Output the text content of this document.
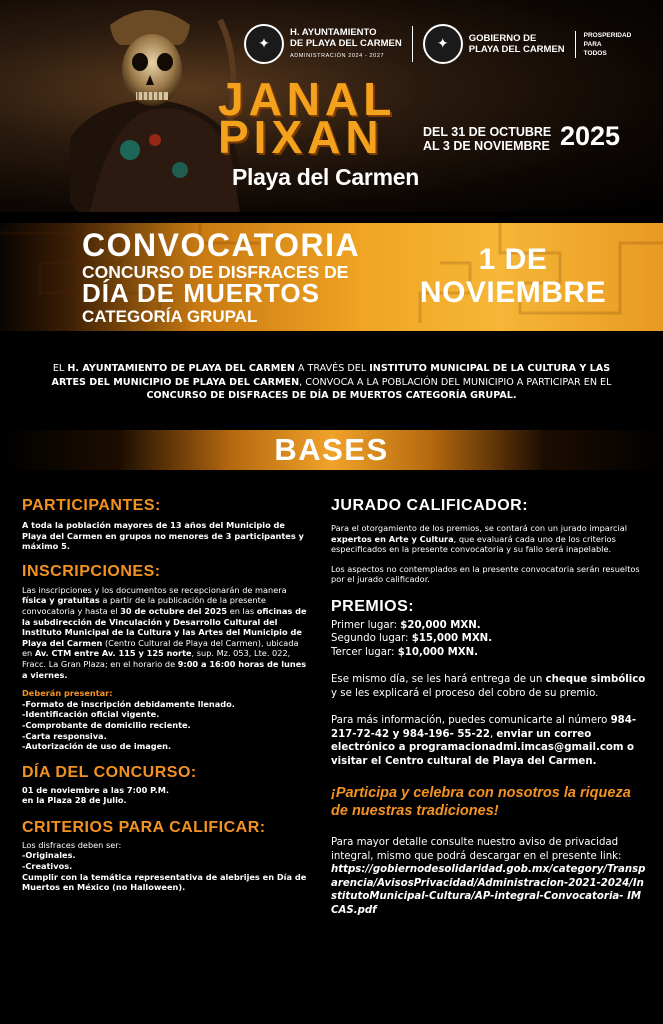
✦
H. AYUNTAMIENTO
DE PLAYA DEL CARMEN
ADMINISTRACIÓN 2024 - 2027
✦	GOBIERNO DE
PLAYA DEL CARMEN
PROSPERIDAD
PARA
TODOS
JANAL
PIXAN
Playa del Carmen
DEL 31 DE OCTUBRE
AL 3 DE NOVIEMBRE 2025
CONVOCATORIA
CONCURSO DE DISFRACES DE
DÍA DE MUERTOS
CATEGORÍA GRUPAL
1 DE
NOVIEMBRE
EL H. AYUNTAMIENTO DE PLAYA DEL CARMEN A TRAVÉS DEL INSTITUTO MUNICIPAL DE LA CULTURA Y LAS ARTES DEL MUNICIPIO DE PLAYA DEL CARMEN, CONVOCA A LA POBLACIÓN DEL MUNICIPIO A PARTICIPAR EN EL CONCURSO DE DISFRACES DE DÍA DE MUERTOS CATEGORÍA GRUPAL.
BASES
PARTICIPANTES:
A toda la población mayores de 13 años del Municipio de Playa del Carmen en grupos no menores de 3 participantes y máximo 5.
INSCRIPCIONES:
Las inscripciones y los documentos se recepcionarán de manera física y gratuitas a partir de la publicación de la presente convocatoria y hasta el 30 de octubre del 2025 en las oficinas de la subdirección de Vinculación y Desarrollo Cultural del Instituto Municipal de la Cultura y las Artes del Municipio de Playa del Carmen (Centro Cultural de Playa del Carmen), ubicada en Av. CTM entre Av. 115 y 125 norte, sup. Mz. 053, Lte. 022, Fracc. La Gran Plaza; en el horario de 9:00 a 16:00 horas de lunes a viernes.
Deberán presentar:
-Formato de inscripción debidamente llenado.
-Identificación oficial vigente.
-Comprobante de domicilio reciente.
-Carta responsiva.
-Autorización de uso de imagen.
DÍA DEL CONCURSO:
01 de noviembre a las 7:00 P.M.
en la Plaza 28 de Julio.
CRITERIOS PARA CALIFICAR:
Los disfraces deben ser:
-Originales.
-Creativos.
Cumplir con la temática representativa de alebrijes en Día de Muertos en México (no Halloween).
JURADO CALIFICADOR:
Para el otorgamiento de los premios, se contará con un jurado imparcial expertos en Arte y Cultura, que evaluará cada uno de los criterios especificados en la presente convocatoria y su fallo será inapelable.
Los aspectos no contemplados en la presente convocatoria serán resueltos por el jurado calificador.
PREMIOS:
Primer lugar: $20,000 MXN.
Segundo lugar: $15,000 MXN.
Tercer lugar: $10,000 MXN.
Ese mismo día, se les hará entrega de un cheque simbólico y se les explicará el proceso del cobro de su premio.
Para más información, puedes comunicarte al número 984-217-72-42 y 984-196- 55-22, enviar un correo electrónico a programacionadmi.imcas@gmail.com o visitar el Centro cultural de Playa del Carmen.
¡Participa y celebra con nosotros la riqueza de nuestras tradiciones!
Para mayor detalle consulte nuestro aviso de privacidad integral, mismo que podrá descargar en el presente link:
https://gobiernodesolidaridad.gob.mx/category/Transparencia/AvisosPrivacidad/Administracion-2021-2024/InstitutoMunicipal-Cultura/AP-integral-Convocatoria- IMCAS.pdf
